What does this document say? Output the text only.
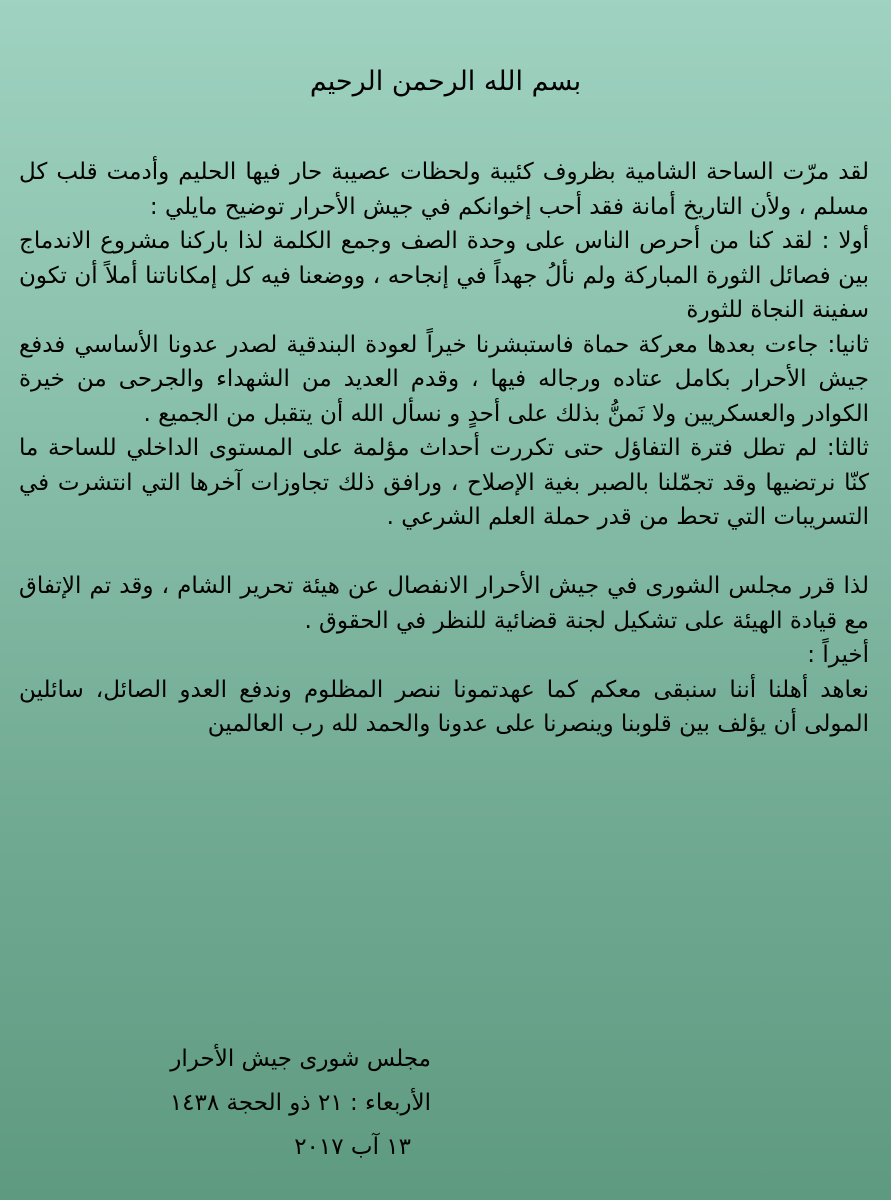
بسم الله الرحمن الرحيم

لقد مرّت الساحة الشامية بظروف كئيبة ولحظات عصيبة حار فيها الحليم وأدمت قلب كل مسلم ، ولأن التاريخ أمانة فقد أحب إخوانكم في جيش الأحرار توضيح مايلي :

أولا : لقد كنا من أحرص الناس على وحدة الصف وجمع الكلمة لذا باركنا مشروع الاندماج بين فصائل الثورة المباركة ولم نألُ جهداً في إنجاحه ، ووضعنا فيه كل إمكاناتنا أملاً أن تكون سفينة النجاة للثورة

ثانيا: جاءت بعدها معركة حماة فاستبشرنا خيراً لعودة البندقية لصدر عدونا الأساسي فدفع جيش الأحرار بكامل عتاده ورجاله فيها ، وقدم العديد من الشهداء والجرحى من خيرة الكوادر والعسكريين ولا نَمنُّ بذلك على أحدٍ و نسأل الله أن يتقبل من الجميع .

ثالثا: لم تطل فترة التفاؤل حتى تكررت أحداث مؤلمة على المستوى الداخلي للساحة ما كنّا نرتضيها وقد تجمّلنا بالصبر بغية الإصلاح ، ورافق ذلك تجاوزات آخرها التي انتشرت في التسريبات التي تحط من قدر حملة العلم الشرعي .

لذا قرر مجلس الشورى في جيش الأحرار الانفصال عن هيئة تحرير الشام ، وقد تم الإتفاق مع قيادة الهيئة على تشكيل لجنة قضائية للنظر في الحقوق .

أخيراً :

نعاهد أهلنا أننا سنبقى معكم كما عهدتمونا ننصر المظلوم وندفع العدو الصائل، سائلين المولى أن يؤلف بين قلوبنا وينصرنا على عدونا والحمد لله رب العالمين

مجلس شورى جيش الأحرار
الأربعاء : ٢١ ذو الحجة ١٤٣٨
١٣ آب ٢٠١٧
